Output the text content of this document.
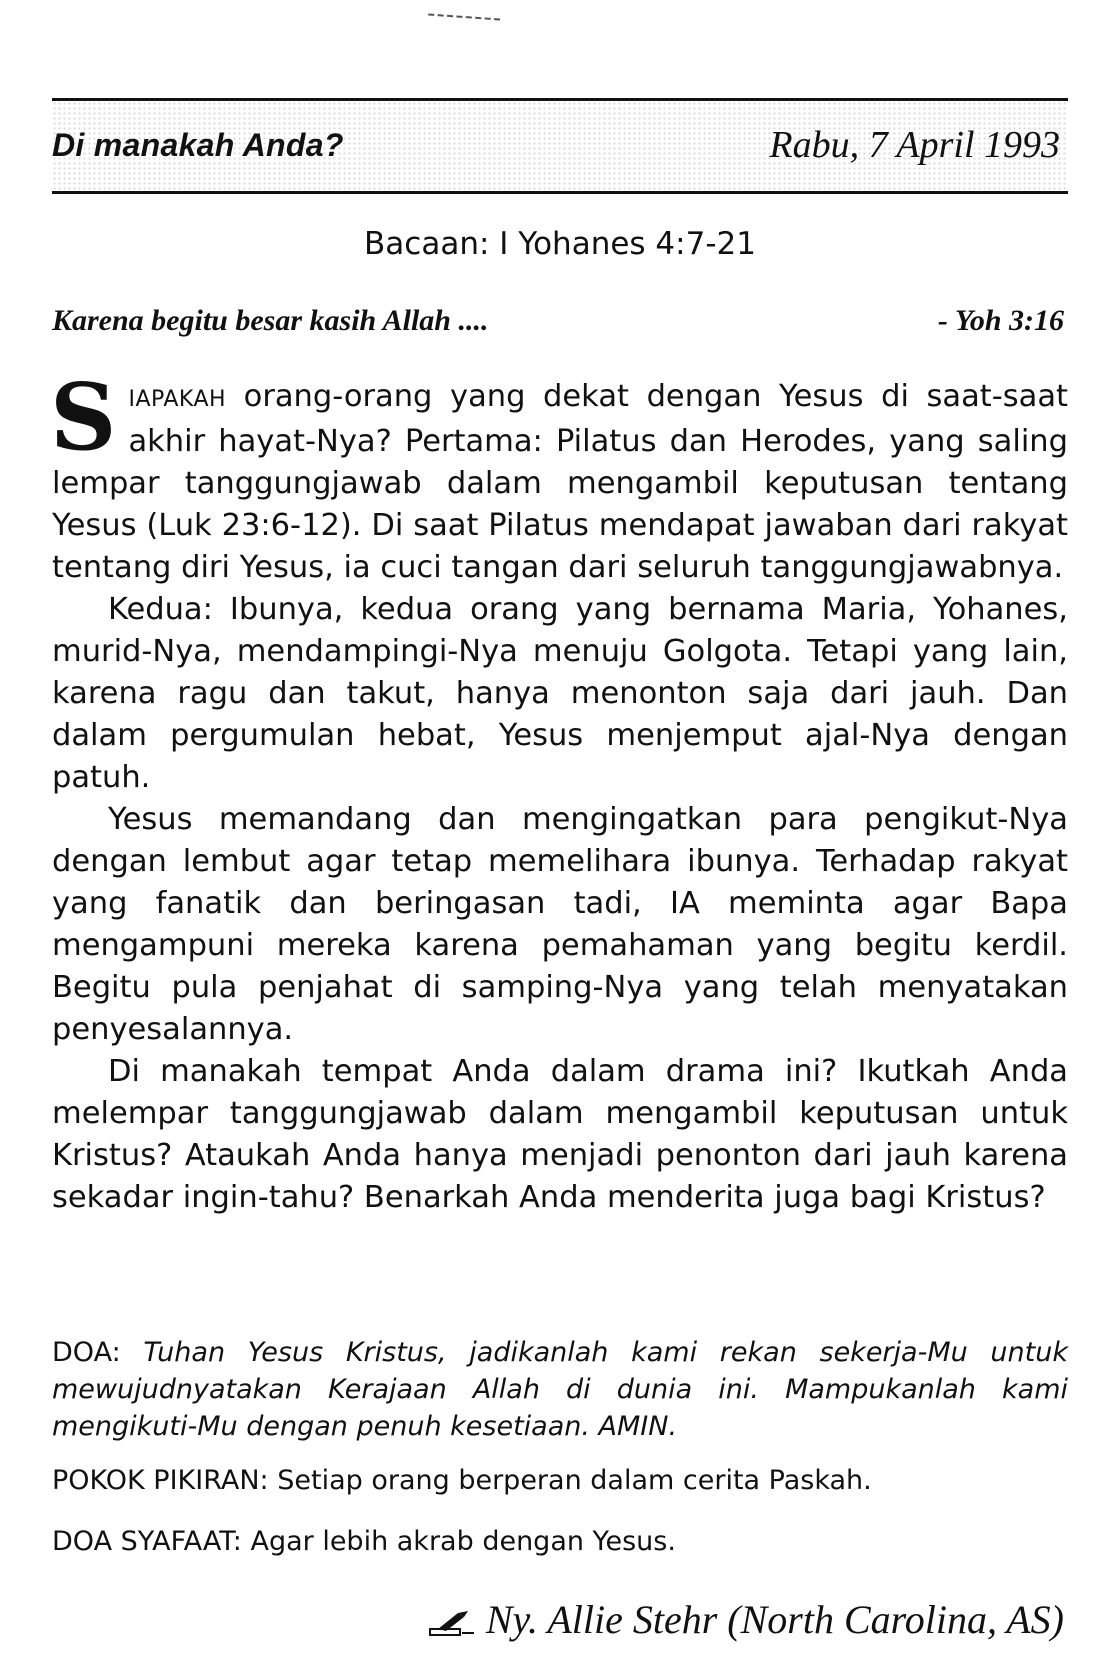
Di manakah Anda?	Rabu, 7 April 1993
Bacaan: I Yohanes 4:7-21
Karena begitu besar kasih Allah ....	- Yoh 3:16

SIAPAKAH orang-orang yang dekat dengan Yesus di saat-saat akhir hayat-Nya? Pertama: Pilatus dan Herodes, yang saling lempar tanggungjawab dalam mengambil keputusan tentang Yesus (Luk 23:6-12). Di saat Pilatus mendapat jawaban dari rakyat tentang diri Yesus, ia cuci tangan dari seluruh tanggungjawabnya.

Kedua: Ibunya, kedua orang yang bernama Maria, Yohanes, murid-Nya, mendampingi-Nya menuju Golgota. Tetapi yang lain, karena ragu dan takut, hanya menonton saja dari jauh. Dan dalam pergumulan hebat, Yesus menjemput ajal-Nya dengan patuh.

Yesus memandang dan mengingatkan para pengikut-Nya dengan lembut agar tetap memelihara ibunya. Terhadap rakyat yang fanatik dan beringasan tadi, IA meminta agar Bapa mengampuni mereka karena pemahaman yang begitu kerdil. Begitu pula penjahat di samping-Nya yang telah menyatakan penyesalannya.

Di manakah tempat Anda dalam drama ini? Ikutkah Anda melempar tanggungjawab dalam mengambil keputusan untuk Kristus? Ataukah Anda hanya menjadi penonton dari jauh karena sekadar ingin-tahu? Benarkah Anda menderita juga bagi Kristus?

DOA: Tuhan Yesus Kristus, jadikanlah kami rekan sekerja-Mu untuk mewujudnyatakan Kerajaan Allah di dunia ini. Mampukanlah kami mengikuti-Mu dengan penuh kesetiaan. AMIN.
POKOK PIKIRAN: Setiap orang berperan dalam cerita Paskah.
DOA SYAFAAT: Agar lebih akrab dengan Yesus.
Ny. Allie Stehr (North Carolina, AS)
